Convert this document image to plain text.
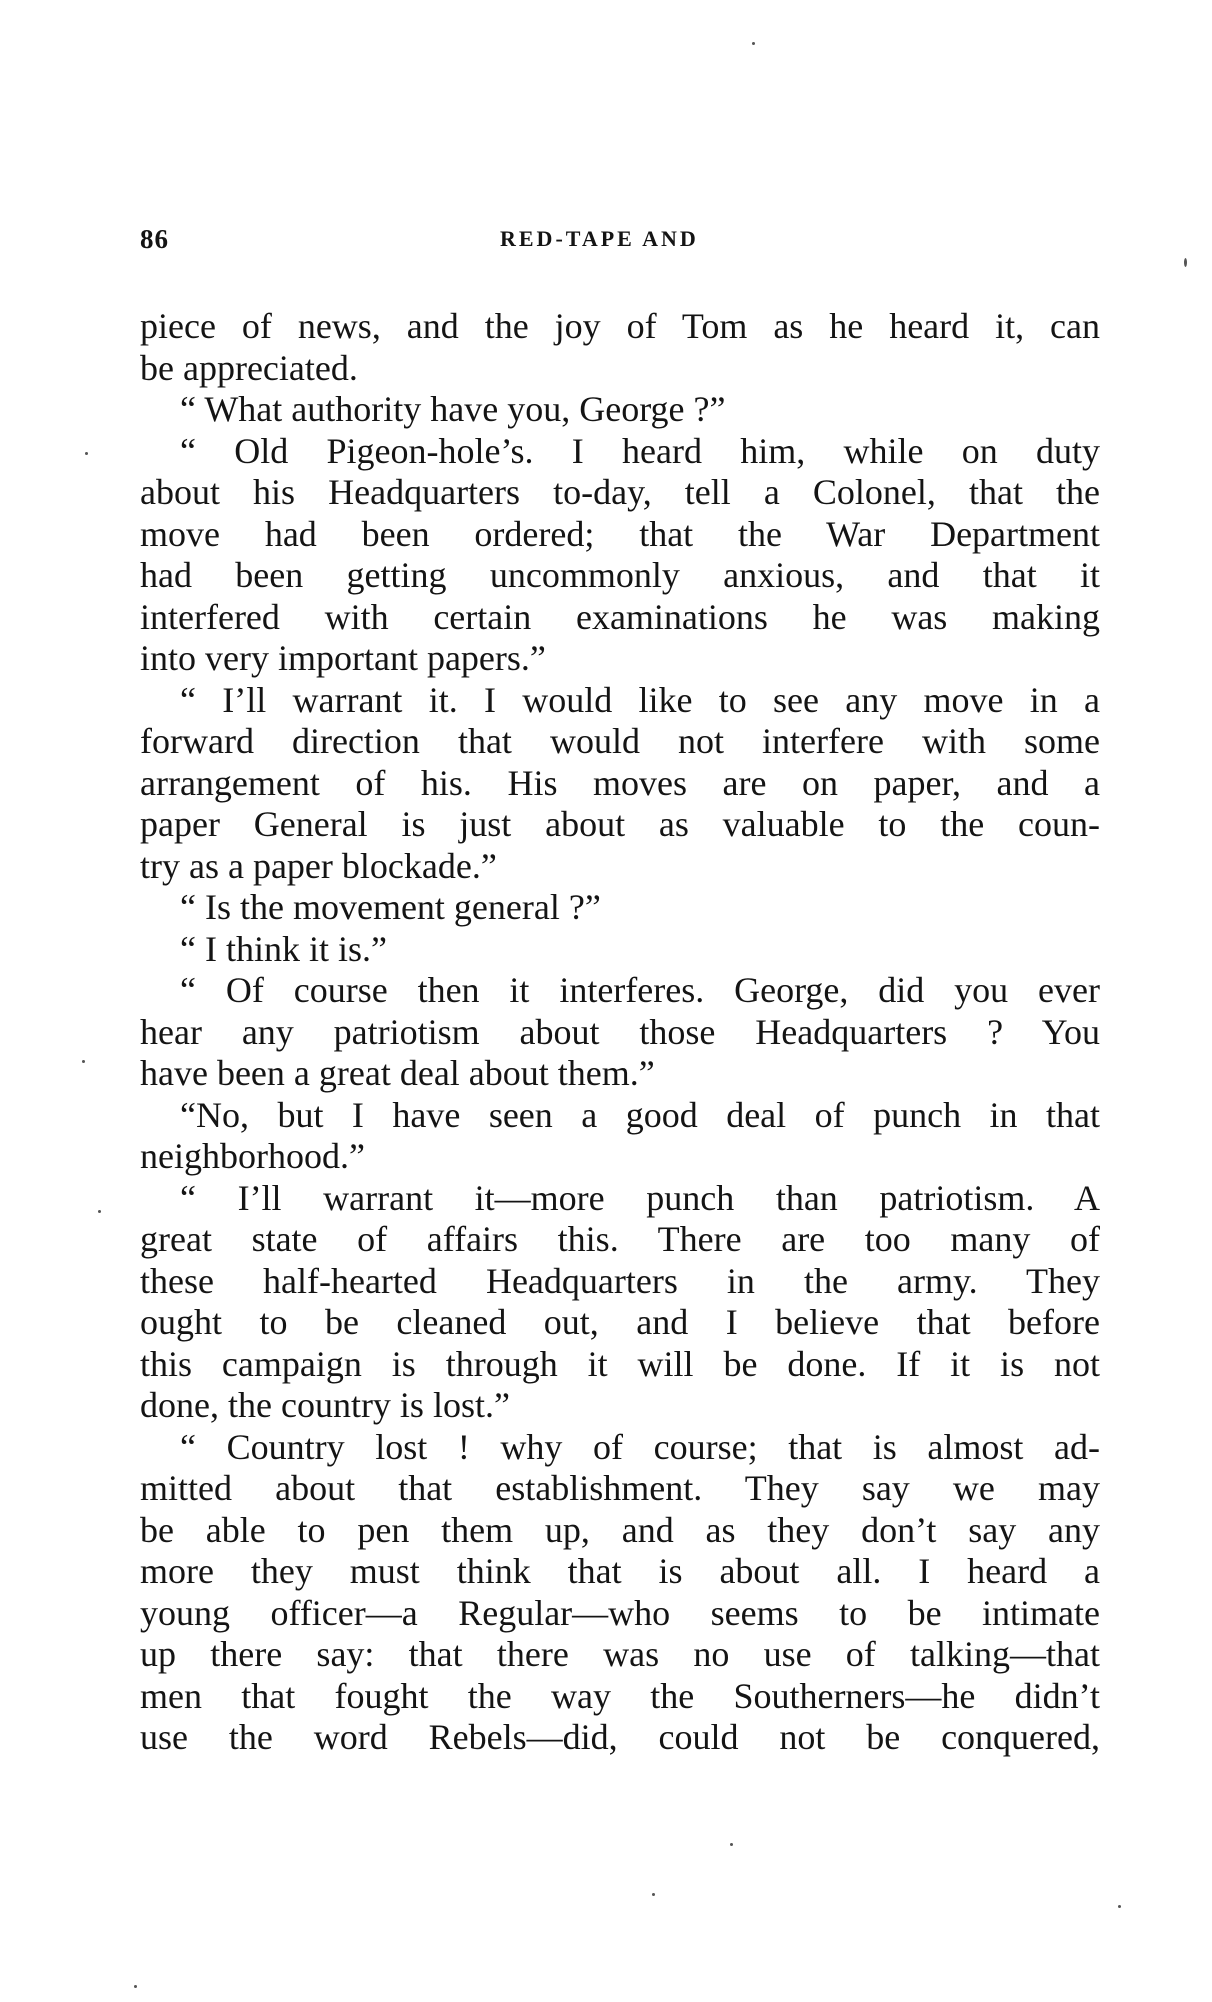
86	RED-TAPE AND
piece of news, and the joy of Tom as he heard it, can
be appreciated.
“ What authority have you, George ?”
“ Old Pigeon-hole’s. I heard him, while on duty
about his Headquarters to-day, tell a Colonel, that the
move had been ordered; that the War Department
had been getting uncommonly anxious, and that it
interfered with certain examinations he was making
into very important papers.”
“ I’ll warrant it. I would like to see any move in a
forward direction that would not interfere with some
arrangement of his. His moves are on paper, and a
paper General is just about as valuable to the coun-
try as a paper blockade.”
“ Is the movement general ?”
“ I think it is.”
“ Of course then it interferes. George, did you ever
hear any patriotism about those Headquarters ? You
have been a great deal about them.”
“No, but I have seen a good deal of punch in that
neighborhood.”
“ I’ll warrant it—more punch than patriotism. A
great state of affairs this. There are too many of
these half-hearted Headquarters in the army. They
ought to be cleaned out, and I believe that before
this campaign is through it will be done. If it is not
done, the country is lost.”
“ Country lost ! why of course; that is almost ad-
mitted about that establishment. They say we may
be able to pen them up, and as they don’t say any
more they must think that is about all. I heard a
young officer—a Regular—who seems to be intimate
up there say: that there was no use of talking—that
men that fought the way the Southerners—he didn’t
use the word Rebels—did, could not be conquered,
